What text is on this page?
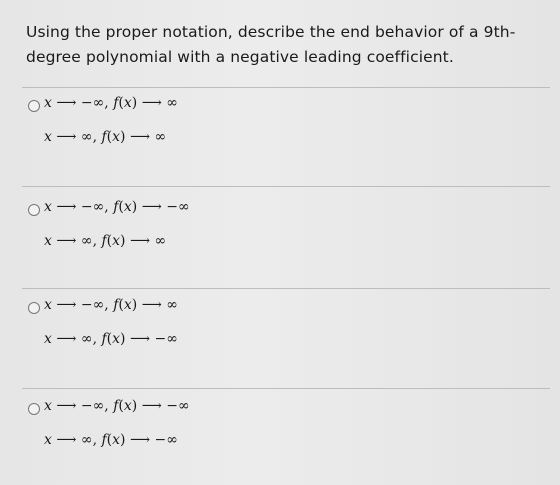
Using the proper notation, describe the end behavior of a 9th-degree polynomial with a negative leading coefficient.
x ⟶ −∞, f(x) ⟶ ∞
x ⟶ ∞, f(x) ⟶ ∞
x ⟶ −∞, f(x) ⟶ −∞
x ⟶ ∞, f(x) ⟶ ∞
x ⟶ −∞, f(x) ⟶ ∞
x ⟶ ∞, f(x) ⟶ −∞
x ⟶ −∞, f(x) ⟶ −∞
x ⟶ ∞, f(x) ⟶ −∞
